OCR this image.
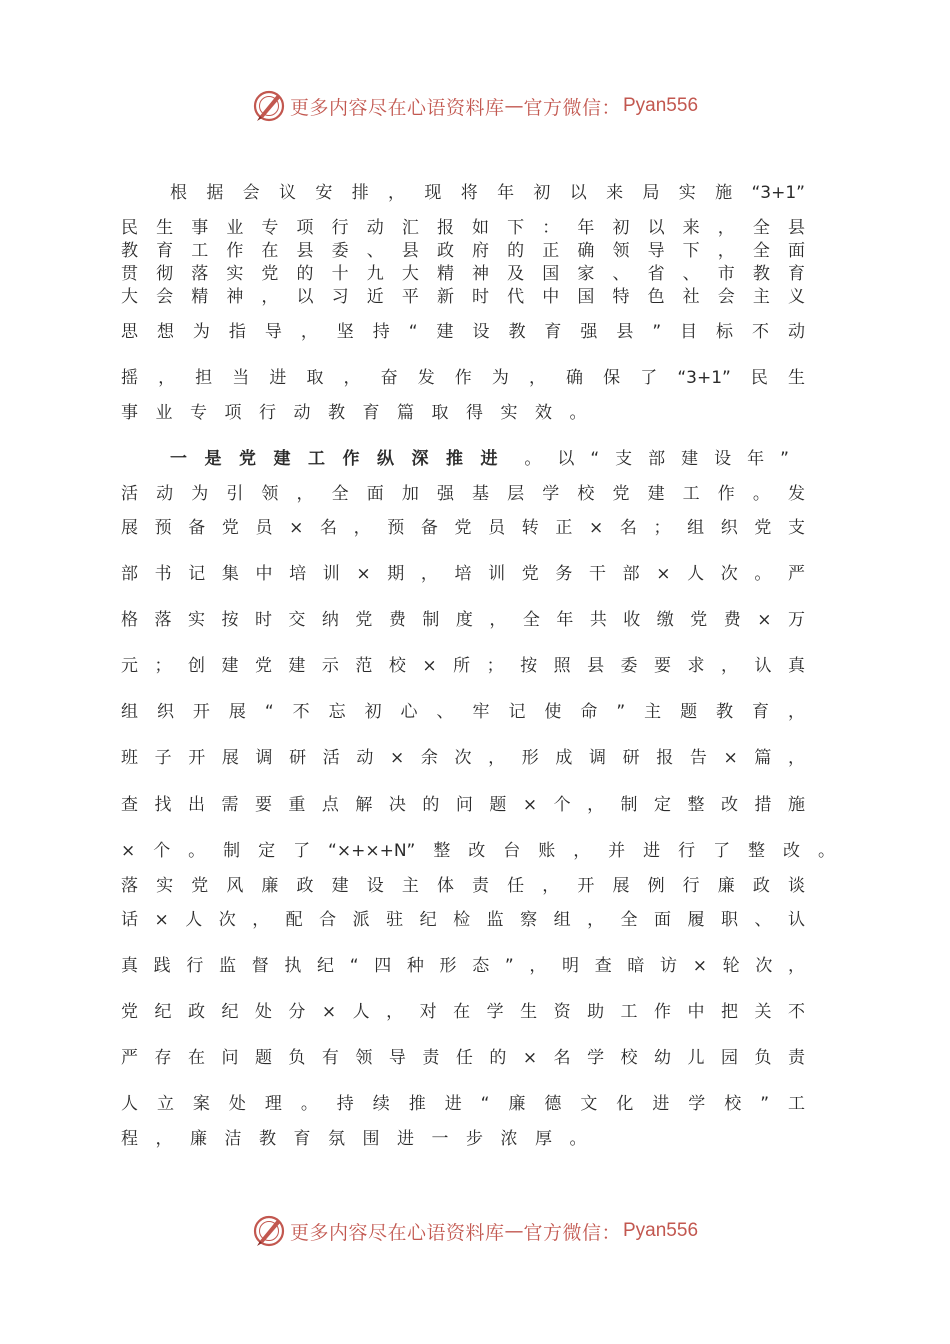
更多内容尽在心语资料库 — 官方微信： Pyan556
根据会议安排，现将年初以来局实施“3+1”
民生事业专项行动汇报如下：年初以来，全县
教育工作在县委、县政府的正确领导下，全面
贯彻落实党的十九大精神及国家、省、市教育
大会精神，以习近平新时代中国特色社会主义
思想为指导，坚持“建设教育强县”目标不动
摇，担当进取，奋发作为，确保了“3+1”民生
事业专项行动教育篇取得实效。
一是党建工作纵深推进 。以“支部建设年”
活动为引领，全面加强基层学校党建工作。发
展预备党员×名，预备党员转正×名；组织党支
部书记集中培训×期，培训党务干部×人次。严
格落实按时交纳党费制度，全年共收缴党费×万
元；创建党建示范校×所；按照县委要求，认真
组织开展“不忘初心、牢记使命”主题教育，
班子开展调研活动×余次，形成调研报告×篇，
查找出需要重点解决的问题×个，制定整改措施
×个。制定了“×+×+N”整改台账，并进行了整改。
落实党风廉政建设主体责任，开展例行廉政谈
话×人次，配合派驻纪检监察组，全面履职、认
真践行监督执纪“四种形态”，明查暗访×轮次，
党纪政纪处分×人，对在学生资助工作中把关不
严存在问题负有领导责任的×名学校幼儿园负责
人立案处理。持续推进“廉德文化进学校”工
程，廉洁教育氛围进一步浓厚。
更多内容尽在心语资料库 — 官方微信： Pyan556
